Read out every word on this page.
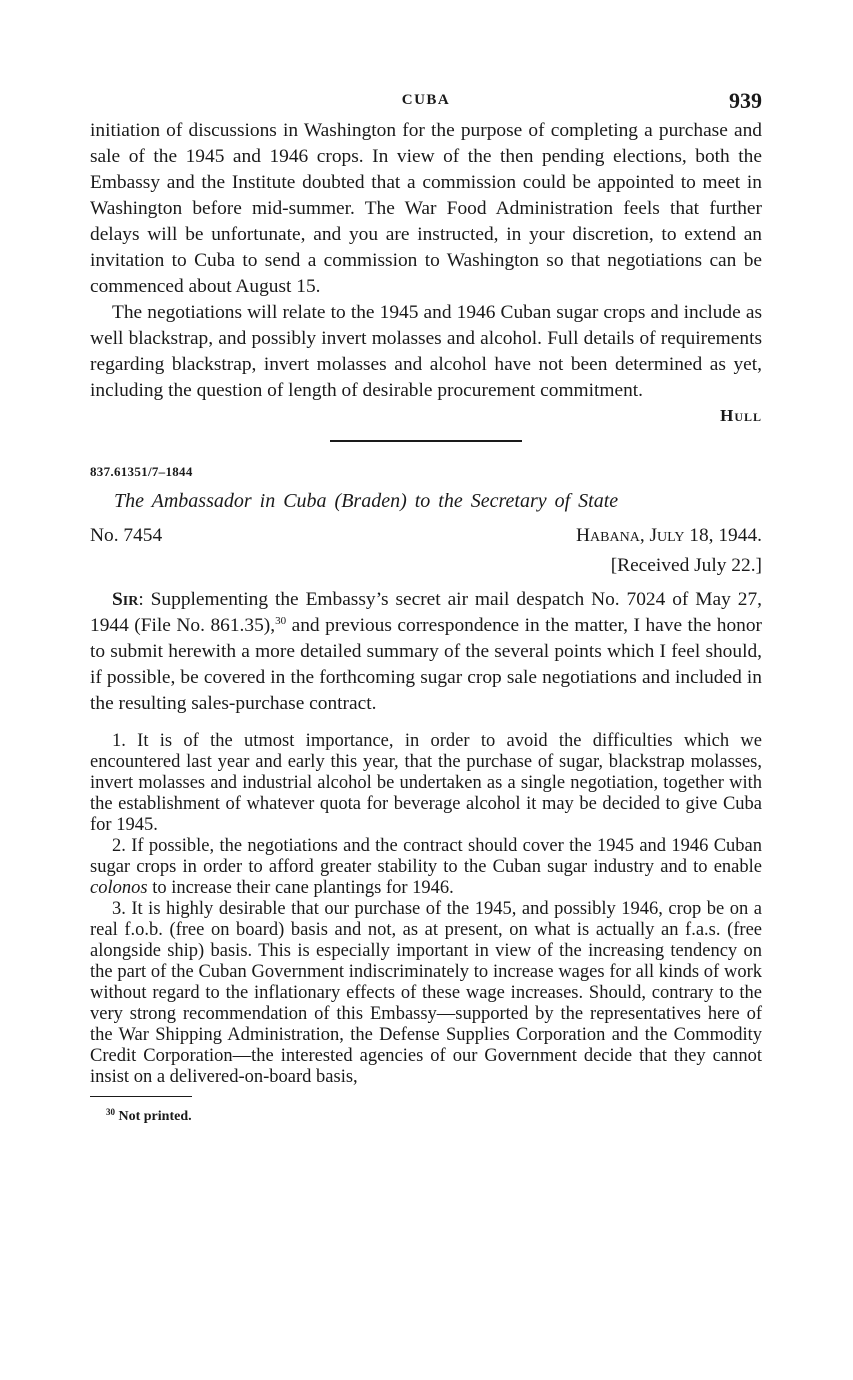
CUBA	939

initiation of discussions in Washington for the purpose of completing a purchase and sale of the 1945 and 1946 crops. In view of the then pending elections, both the Embassy and the Institute doubted that a commission could be appointed to meet in Washington before mid-summer. The War Food Administration feels that further delays will be unfortunate, and you are instructed, in your discretion, to extend an invitation to Cuba to send a commission to Washington so that negotiations can be commenced about August 15.

The negotiations will relate to the 1945 and 1946 Cuban sugar crops and include as well blackstrap, and possibly invert molasses and alcohol. Full details of requirements regarding blackstrap, invert molasses and alcohol have not been determined as yet, including the question of length of desirable procurement commitment.

Hull
837.61351/7–1844
The Ambassador in Cuba (Braden) to the Secretary of State
No. 7454	Habana, July 18, 1944.
[Received July 22.]

Sir: Supplementing the Embassy’s secret air mail despatch No. 7024 of May 27, 1944 (File No. 861.35),$^{30}$ and previous correspondence in the matter, I have the honor to submit herewith a more detailed summary of the several points which I feel should, if possible, be covered in the forthcoming sugar crop sale negotiations and included in the resulting sales-purchase contract.

1. It is of the utmost importance, in order to avoid the difficulties which we encountered last year and early this year, that the purchase of sugar, blackstrap molasses, invert molasses and industrial alcohol be undertaken as a single negotiation, together with the establishment of whatever quota for beverage alcohol it may be decided to give Cuba for 1945.

2. If possible, the negotiations and the contract should cover the 1945 and 1946 Cuban sugar crops in order to afford greater stability to the Cuban sugar industry and to enable colonos to increase their cane plantings for 1946.

3. It is highly desirable that our purchase of the 1945, and possibly 1946, crop be on a real f.o.b. (free on board) basis and not, as at present, on what is actually an f.a.s. (free alongside ship) basis. This is especially important in view of the increasing tendency on the part of the Cuban Government indiscriminately to increase wages for all kinds of work without regard to the inflationary effects of these wage increases. Should, contrary to the very strong recommendation of this Embassy—supported by the representatives here of the War Shipping Administration, the Defense Supplies Corporation and the Commodity Credit Corporation—the interested agencies of our Government decide that they cannot insist on a delivered-on-board basis,

$^{30}$ Not printed.
